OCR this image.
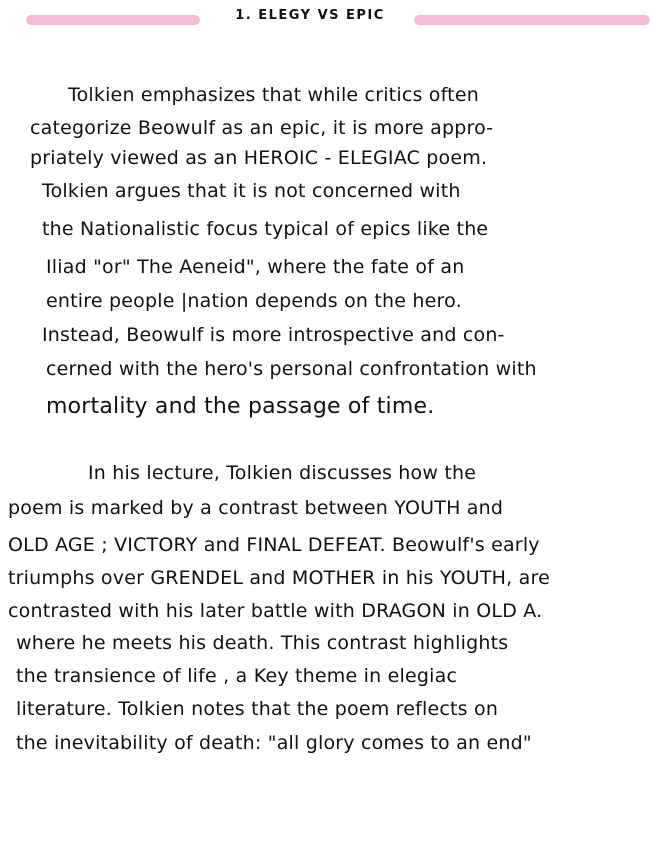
1. ELEGY VS EPIC
Tolkien emphasizes that while critics often
categorize Beowulf as an epic, it is more appro-
priately viewed as an HEROIC - ELEGIAC poem.
Tolkien argues that it is not concerned with
the Nationalistic focus typical of epics like the
Iliad "or" The Aeneid", where the fate of an
entire people |nation depends on the hero.
Instead, Beowulf is more introspective and con-
cerned with the hero's personal confrontation with
mortality and the passage of time.
In his lecture, Tolkien discusses how the
poem is marked by a contrast between YOUTH and
OLD AGE ; VICTORY and FINAL DEFEAT. Beowulf's early
triumphs over GRENDEL and MOTHER in his YOUTH, are
contrasted with his later battle with DRAGON in OLD A.
where he meets his death. This contrast highlights
the transience of life , a Key theme in elegiac
literature. Tolkien notes that the poem reflects on
the inevitability of death: "all glory comes to an end"
